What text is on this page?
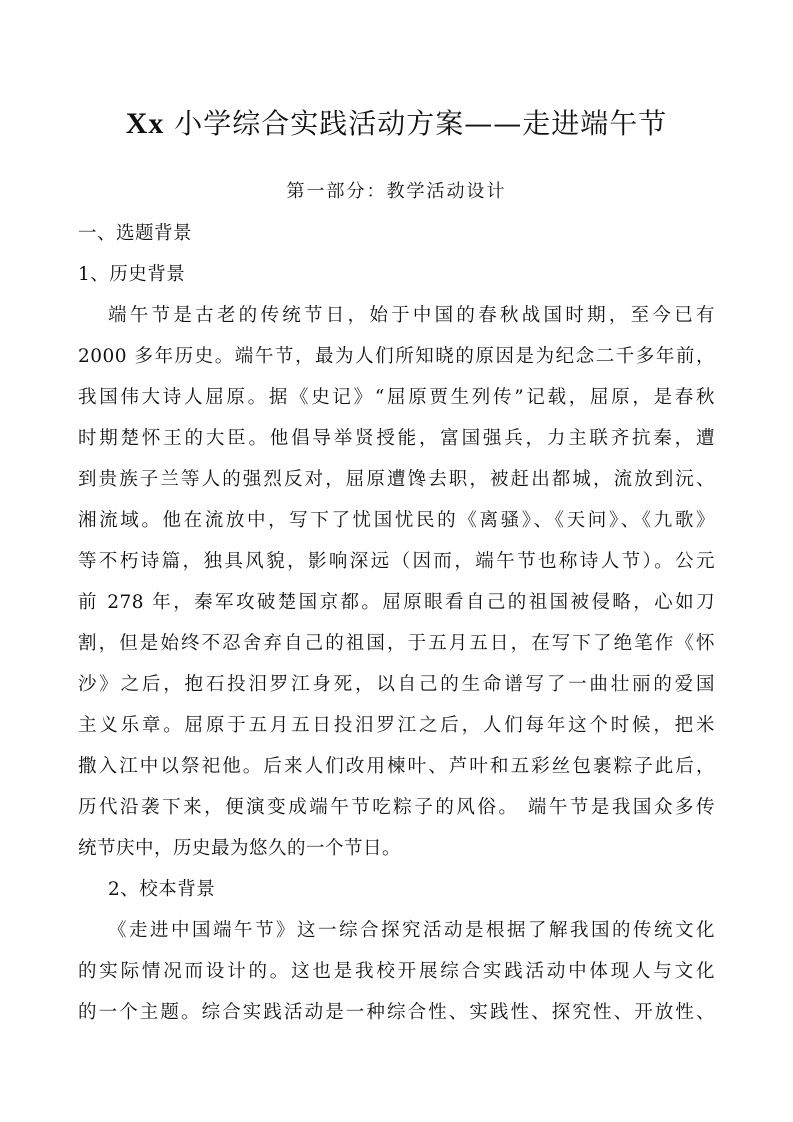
Xx 小学综合实践活动方案——走进端午节
第一部分：教学活动设计
一、选题背景
1、历史背景
端午节是古老的传统节日，始于中国的春秋战国时期，至今已有
2000 多年历史。端午节，最为人们所知晓的原因是为纪念二千多年前，
我国伟大诗人屈原。据《史记》“屈原贾生列传”记载，屈原，是春秋
时期楚怀王的大臣。他倡导举贤授能，富国强兵，力主联齐抗秦，遭
到贵族子兰等人的强烈反对，屈原遭馋去职，被赶出都城，流放到沅、
湘流域。他在流放中，写下了忧国忧民的《离骚》、《天问》、《九歌》
等不朽诗篇，独具风貌，影响深远（因而，端午节也称诗人节）。公元
前 278 年，秦军攻破楚国京都。屈原眼看自己的祖国被侵略，心如刀
割，但是始终不忍舍弃自己的祖国，于五月五日，在写下了绝笔作《怀
沙》之后，抱石投汨罗江身死，以自己的生命谱写了一曲壮丽的爱国
主义乐章。屈原于五月五日投汨罗江之后，人们每年这个时候，把米
撒入江中以祭祀他。后来人们改用楝叶、芦叶和五彩丝包裹粽子此后，
历代沿袭下来，便演变成端午节吃粽子的风俗。 端午节是我国众多传
统节庆中，历史最为悠久的一个节日。
2、校本背景
《走进中国端午节》这一综合探究活动是根据了解我国的传统文化
的实际情况而设计的。这也是我校开展综合实践活动中体现人与文化
的一个主题。综合实践活动是一种综合性、实践性、探究性、开放性、
